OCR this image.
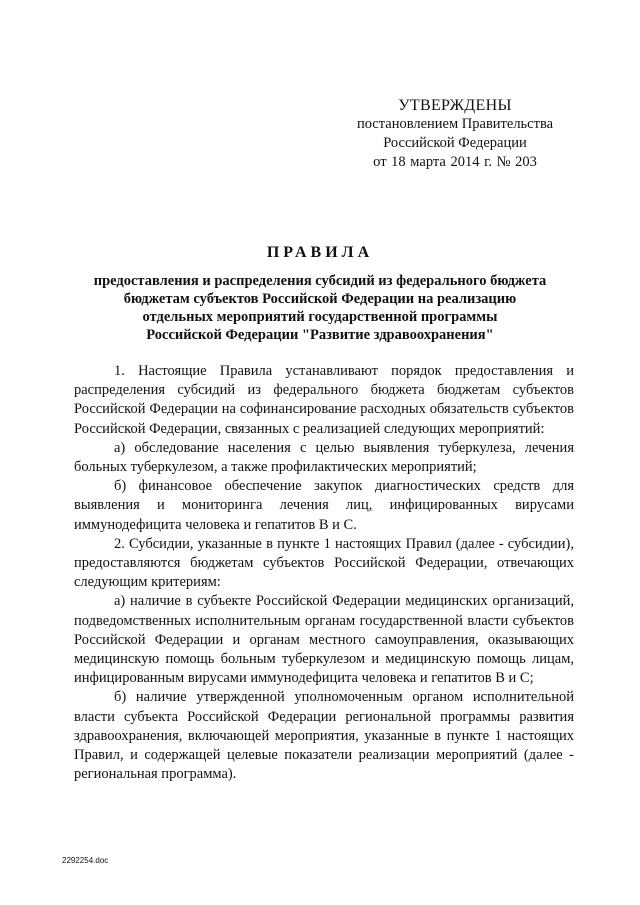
УТВЕРЖДЕНЫ
постановлением Правительства
Российской Федерации
от 18 марта 2014 г. № 203
ПРАВИЛА
предоставления и распределения субсидий из федерального бюджета
бюджетам субъектов Российской Федерации на реализацию
отдельных мероприятий государственной программы
Российской Федерации "Развитие здравоохранения"

1. Настоящие Правила устанавливают порядок предоставления и распределения субсидий из федерального бюджета бюджетам субъектов Российской Федерации на софинансирование расходных обязательств субъектов Российской Федерации, связанных с реализацией следующих мероприятий:

а) обследование населения с целью выявления туберкулеза, лечения больных туберкулезом, а также профилактических мероприятий;

б) финансовое обеспечение закупок диагностических средств для выявления и мониторинга лечения лиц, инфицированных вирусами иммунодефицита человека и гепатитов В и С.

2. Субсидии, указанные в пункте 1 настоящих Правил (далее - субсидии), предоставляются бюджетам субъектов Российской Федерации, отвечающих следующим критериям:

а) наличие в субъекте Российской Федерации медицинских организаций, подведомственных исполнительным органам государственной власти субъектов Российской Федерации и органам местного самоуправления, оказывающих медицинскую помощь больным туберкулезом и медицинскую помощь лицам, инфицированным вирусами иммунодефицита человека и гепатитов В и С;

б) наличие утвержденной уполномоченным органом исполнительной власти субъекта Российской Федерации региональной программы развития здравоохранения, включающей мероприятия, указанные в пункте 1 настоящих Правил, и содержащей целевые показатели реализации мероприятий (далее - региональная программа).

2292254.doc
